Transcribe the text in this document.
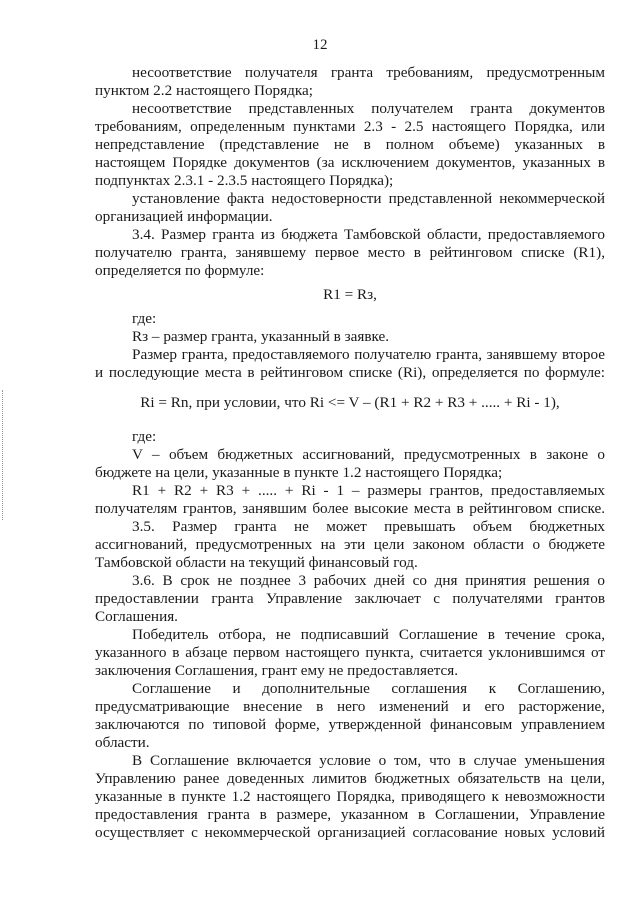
12
несоответствие получателя гранта требованиям, предусмотренным
пунктом 2.2 настоящего Порядка;
несоответствие представленных получателем гранта документов
требованиям, определенным пунктами 2.3 - 2.5 настоящего Порядка, или
непредставление (представление не в полном объеме) указанных в
настоящем Порядке документов (за исключением документов, указанных в
подпунктах 2.3.1 - 2.3.5 настоящего Порядка);
установление факта недостоверности представленной некоммерческой
организацией информации.
3.4. Размер гранта из бюджета Тамбовской области, предоставляемого
получателю гранта, занявшему первое место в рейтинговом списке (R1),
определяется по формуле:
R1 = Rз,
где:
Rз – размер гранта, указанный в заявке.
Размер гранта, предоставляемого получателю гранта, занявшему второе
и последующие места в рейтинговом списке (Ri), определяется по формуле:
Ri = Rn, при условии, что Ri <= V – (R1 + R2 + R3 + ..... + Ri - 1),
где:
V – объем бюджетных ассигнований, предусмотренных в законе о
бюджете на цели, указанные в пункте 1.2 настоящего Порядка;
R1 + R2 + R3 + ..... + Ri - 1 – размеры грантов, предоставляемых
получателям грантов, занявшим более высокие места в рейтинговом списке.
3.5. Размер гранта не может превышать объем бюджетных
ассигнований, предусмотренных на эти цели законом области о бюджете
Тамбовской области на текущий финансовый год.
3.6. В срок не позднее 3 рабочих дней со дня принятия решения о
предоставлении гранта Управление заключает с получателями грантов
Соглашения.
Победитель отбора, не подписавший Соглашение в течение срока,
указанного в абзаце первом настоящего пункта, считается уклонившимся от
заключения Соглашения, грант ему не предоставляется.
Соглашение и дополнительные соглашения к Соглашению,
предусматривающие внесение в него изменений и его расторжение,
заключаются по типовой форме, утвержденной финансовым управлением
области.
В Соглашение включается условие о том, что в случае уменьшения
Управлению ранее доведенных лимитов бюджетных обязательств на цели,
указанные в пункте 1.2 настоящего Порядка, приводящего к невозможности
предоставления гранта в размере, указанном в Соглашении, Управление
осуществляет с некоммерческой организацией согласование новых условий
